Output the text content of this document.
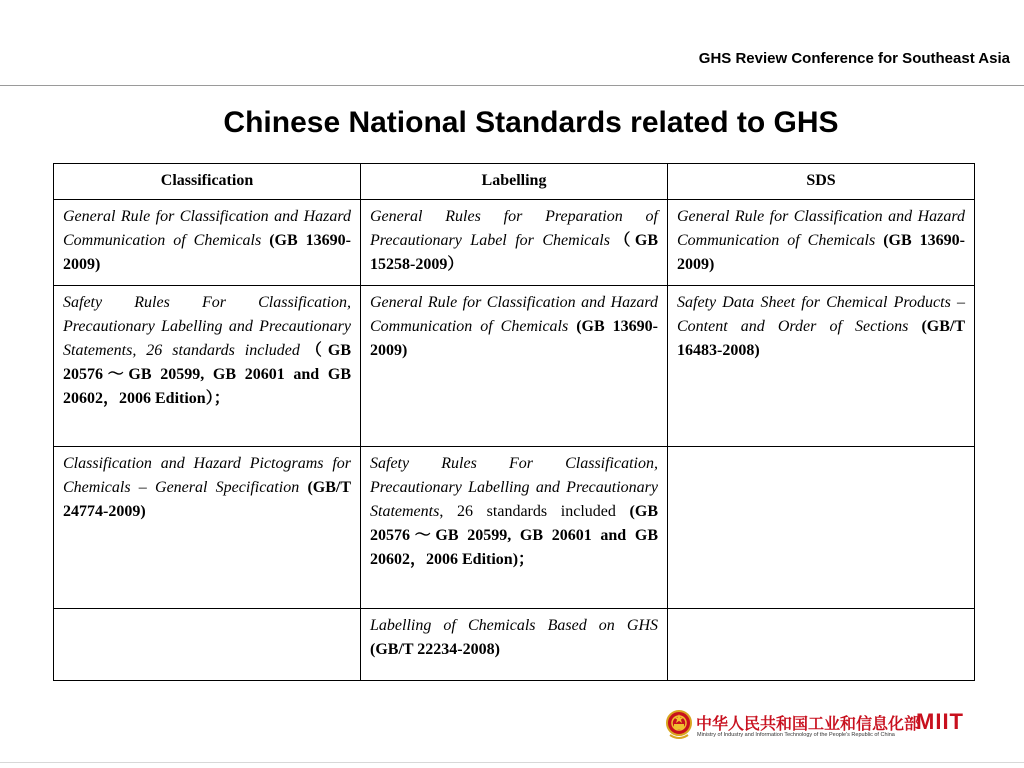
GHS Review Conference for Southeast Asia
Chinese National Standards related to GHS
Classification	Labelling	SDS
General Rule for Classification and Hazard Communication of Chemicals (GB 13690-2009)	General Rules for Preparation of Precautionary Label for Chemicals（GB 15258-2009）	General Rule for Classification and Hazard Communication of Chemicals (GB 13690-2009)
Safety Rules For Classification, Precautionary Labelling and Precautionary Statements, 26 standards included（GB 20576～GB 20599, GB 20601 and GB 20602，2006 Edition）；	General Rule for Classification and Hazard Communication of Chemicals (GB 13690-2009)	Safety Data Sheet for Chemical Products – Content and Order of Sections (GB/T 16483-2008)
Classification and Hazard Pictograms for Chemicals – General Specification (GB/T 24774-2009)	Safety Rules For Classification, Precautionary Labelling and Precautionary Statements, 26 standards included (GB 20576～GB 20599, GB 20601 and GB 20602，2006 Edition)；	
	Labelling of Chemicals Based on GHS (GB/T 22234-2008)	
中华人民共和国工业和信息化部
Ministry of Industry and Information Technology of the People's Republic of China
MIIT
